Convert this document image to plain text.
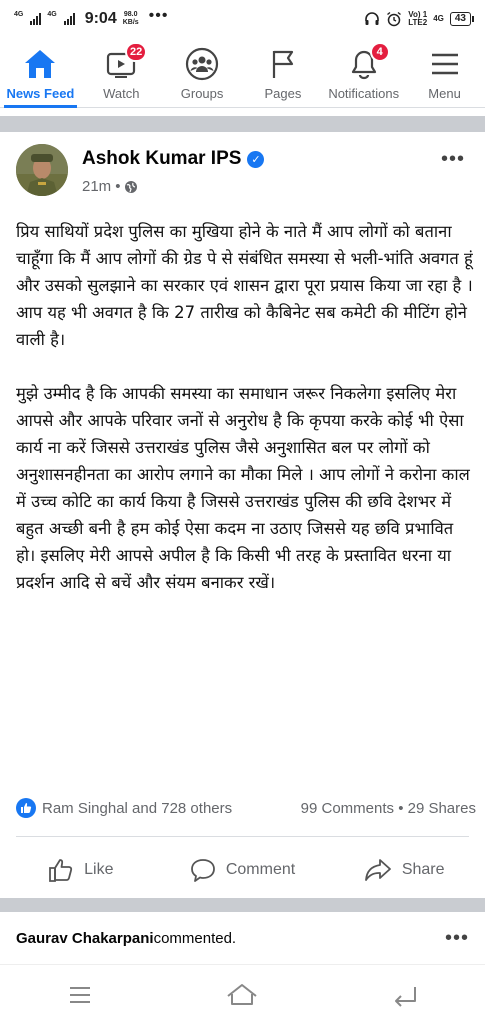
4G	4G 9:04 98.0
KB/s •••	Vo) 1
LTE2 4G	43
News Feed
22
Watch	Groups	Pages
4
Notifications Menu
Ashok Kumar IPS ✓
21m •
•••

प्रिय साथियों प्रदेश पुलिस का मुखिया होने के नाते मैं आप लोगों को बताना चाहूँगा कि मैं आप लोगों की ग्रेड पे से संबंधित समस्या से भली-भांति अवगत हूं और उसको सुलझाने का सरकार एवं शासन द्वारा पूरा प्रयास किया जा रहा है । आप यह भी अवगत है कि 27 तारीख को कैबिनेट सब कमेटी की मीटिंग होने वाली है।

मुझे उम्मीद है कि आपकी समस्या का समाधान जरूर निकलेगा इसलिए मेरा आपसे और आपके परिवार जनों से अनुरोध है कि कृपया करके कोई भी ऐसा कार्य ना करें जिससे उत्तराखंड पुलिस जैसे अनुशासित बल पर लोगों को अनुशासनहीनता का आरोप लगाने का मौका मिले । आप लोगों ने करोना काल में उच्च कोटि का कार्य किया है जिससे उत्तराखंड पुलिस की छवि देशभर में बहुत अच्छी बनी है हम कोई ऐसा कदम ना उठाए जिससे यह छवि प्रभावित हो। इसलिए मेरी आपसे अपील है कि किसी भी तरह के प्रस्तावित धरना या प्रदर्शन आदि से बचें और संयम बनाकर रखें।

Ram Singhal and 728 others	99 Comments • 29 Shares
Like	Comment	Share
Gaurav Chakarpani commented.	•••
